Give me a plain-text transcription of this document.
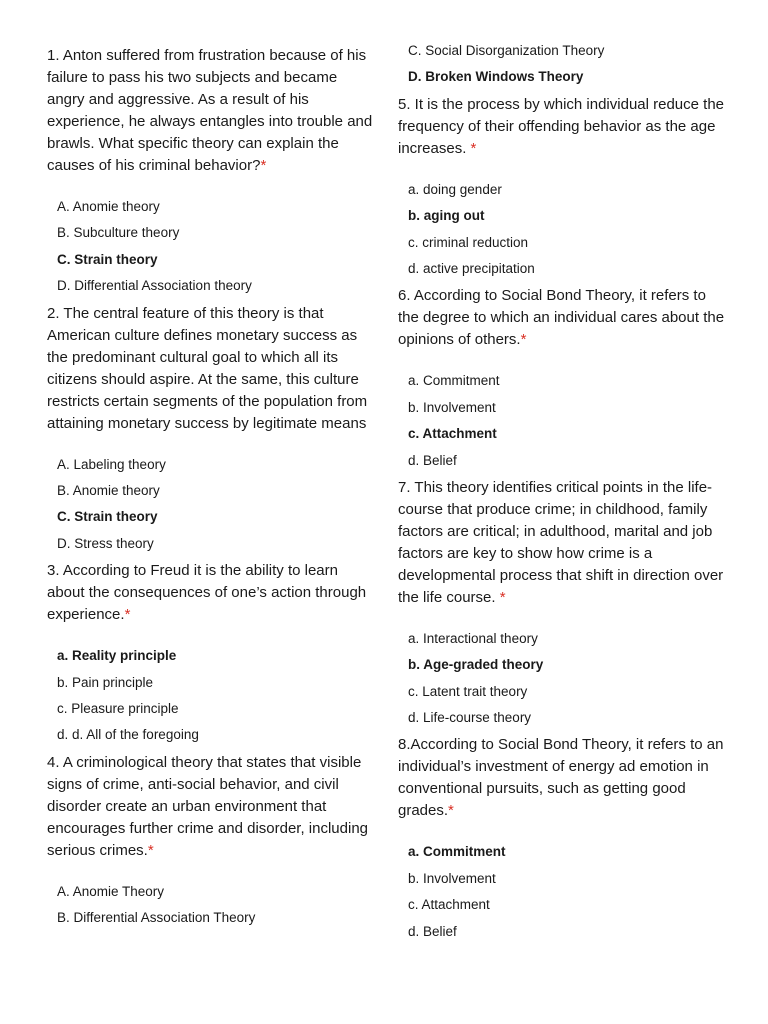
1. Anton suffered from frustration because of his failure to pass his two subjects and became angry and aggressive. As a result of his experience, he always entangles into trouble and brawls. What specific theory can explain the causes of his criminal behavior?*

A. Anomie theory
B. Subculture theory
C. Strain theory
D. Differential Association theory

2. The central feature of this theory is that American culture defines monetary success as the predominant cultural goal to which all its citizens should aspire. At the same, this culture restricts certain segments of the population from attaining monetary success by legitimate means

A. Labeling theory
B. Anomie theory
C. Strain theory
D. Stress theory

3. According to Freud it is the ability to learn about the consequences of one’s action through experience.*

a. Reality principle
b. Pain principle
c. Pleasure principle
d. d. All of the foregoing

4. A criminological theory that states that visible signs of crime, anti-social behavior, and civil disorder create an urban environment that encourages further crime and disorder, including serious crimes.*

A. Anomie Theory
B. Differential Association Theory
C. Social Disorganization Theory
D. Broken Windows Theory

5. It is the process by which individual reduce the frequency of their offending behavior as the age increases. *

a. doing gender
b. aging out
c. criminal reduction
d. active precipitation

6. According to Social Bond Theory, it refers to the degree to which an individual cares about the opinions of others.*

a. Commitment
b. Involvement
c. Attachment
d. Belief

7. This theory identifies critical points in the life-course that produce crime; in childhood, family factors are critical; in adulthood, marital and job factors are key to show how crime is a developmental process that shift in direction over the life course. *

a. Interactional theory
b. Age-graded theory
c. Latent trait theory
d. Life-course theory

8.According to Social Bond Theory, it refers to an individual’s investment of energy ad emotion in conventional pursuits, such as getting good grades.*

a. Commitment
b. Involvement
c. Attachment
d. Belief
